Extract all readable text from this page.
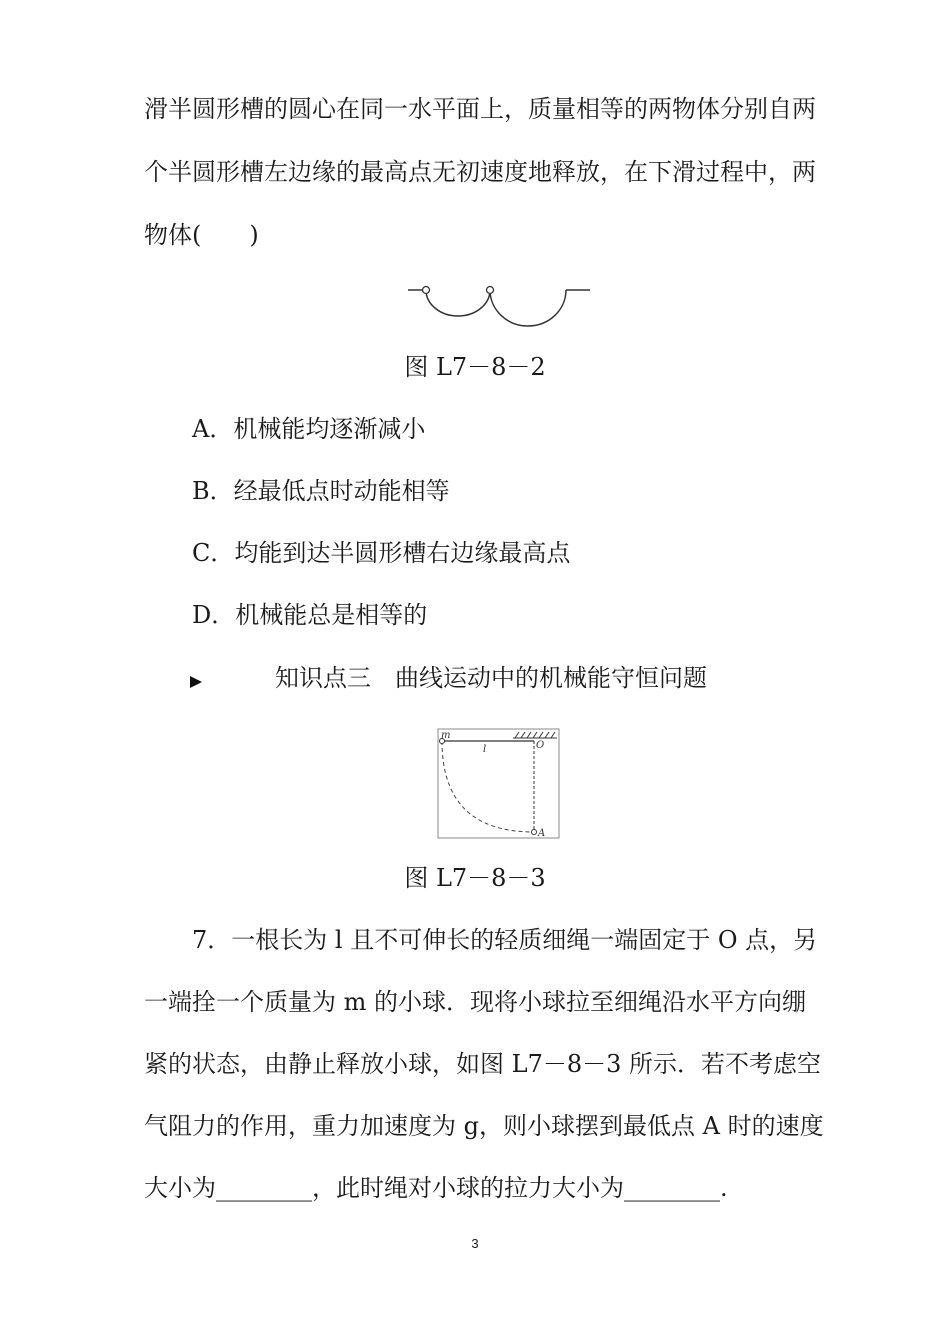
滑半圆形槽的圆心在同一水平面上，质量相等的两物体分别自两
个半圆形槽左边缘的最高点无初速度地释放，在下滑过程中，两
物体(　　)
图 L7－8－2
A．机械能均逐渐减小
B．经最低点时动能相等
C．均能到达半圆形槽右边缘最高点
D．机械能总是相等的
知识点三　曲线运动中的机械能守恒问题
m
l	O
A
图 L7－8－3
7．一根长为 l 且不可伸长的轻质细绳一端固定于 O 点，另
一端拴一个质量为 m 的小球．现将小球拉至细绳沿水平方向绷
紧的状态，由静止释放小球，如图 L7－8－3 所示．若不考虑空
气阻力的作用，重力加速度为 g，则小球摆到最低点 A 时的速度
大小为________，此时绳对小球的拉力大小为________.
3
